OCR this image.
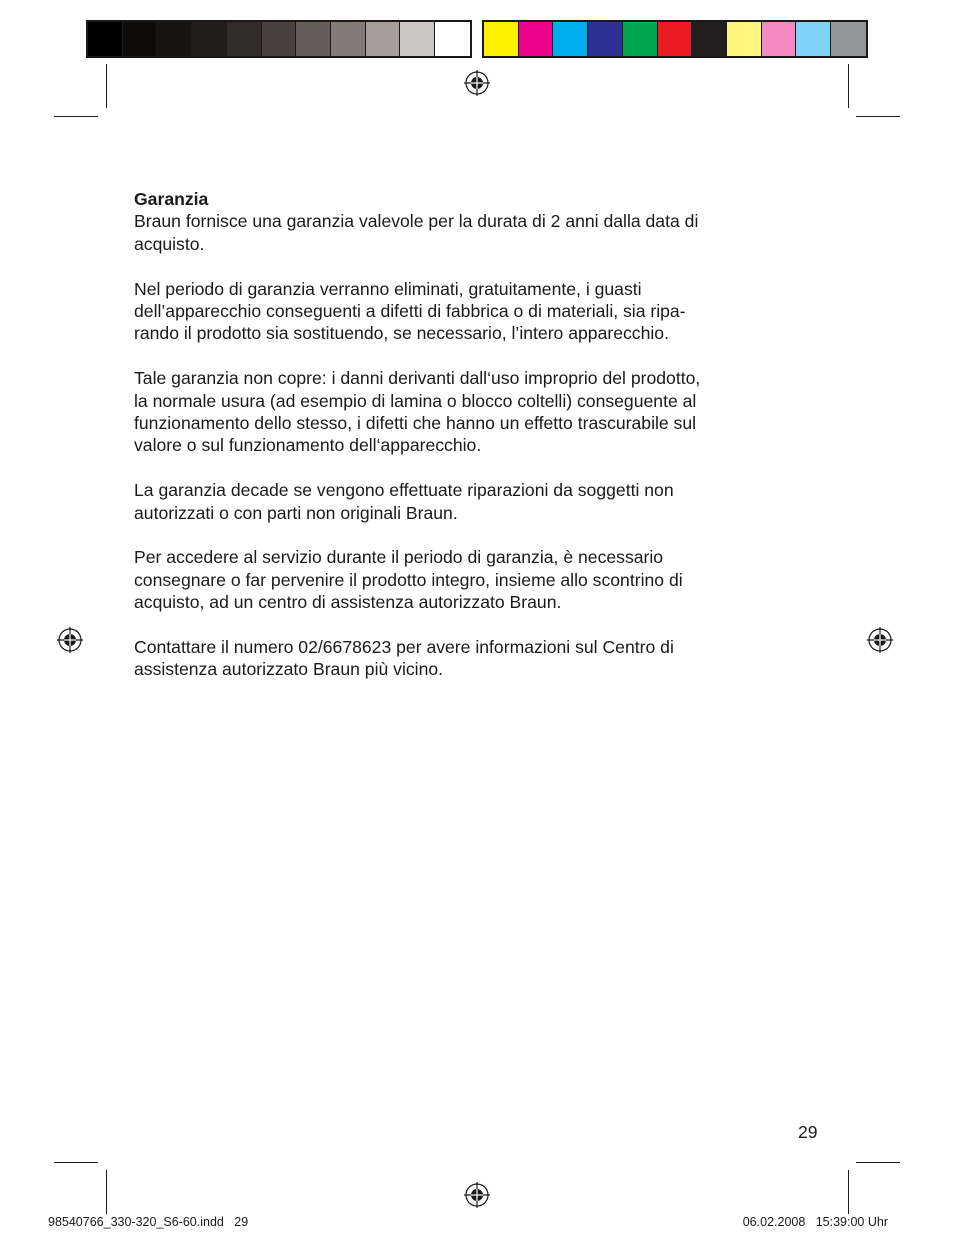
Garanzia

Braun fornisce una garanzia valevole per la durata di 2 anni dalla data di
acquisto.

Nel periodo di garanzia verranno eliminati, gratuitamente, i guasti
dell’apparecchio conseguenti a difetti di fabbrica o di materiali, sia ripa-
rando il prodotto sia sostituendo, se necessario, l’intero apparecchio.

Tale garanzia non copre: i danni derivanti dall‘uso improprio del prodotto,
la normale usura (ad esempio di lamina o blocco coltelli) conseguente al
funzionamento dello stesso, i difetti che hanno un effetto trascurabile sul
valore o sul funzionamento dell‘apparecchio.

La garanzia decade se vengono effettuate riparazioni da soggetti non
autorizzati o con parti non originali Braun.

Per accedere al servizio durante il periodo di garanzia, è necessario
consegnare o far pervenire il prodotto integro, insieme allo scontrino di
acquisto, ad un centro di assistenza autorizzato Braun.

Contattare il numero 02/6678623 per avere informazioni sul Centro di
assistenza autorizzato Braun più vicino.

29
98540766_330-320_S6-60.indd   29	06.02.2008   15:39:00 Uhr
